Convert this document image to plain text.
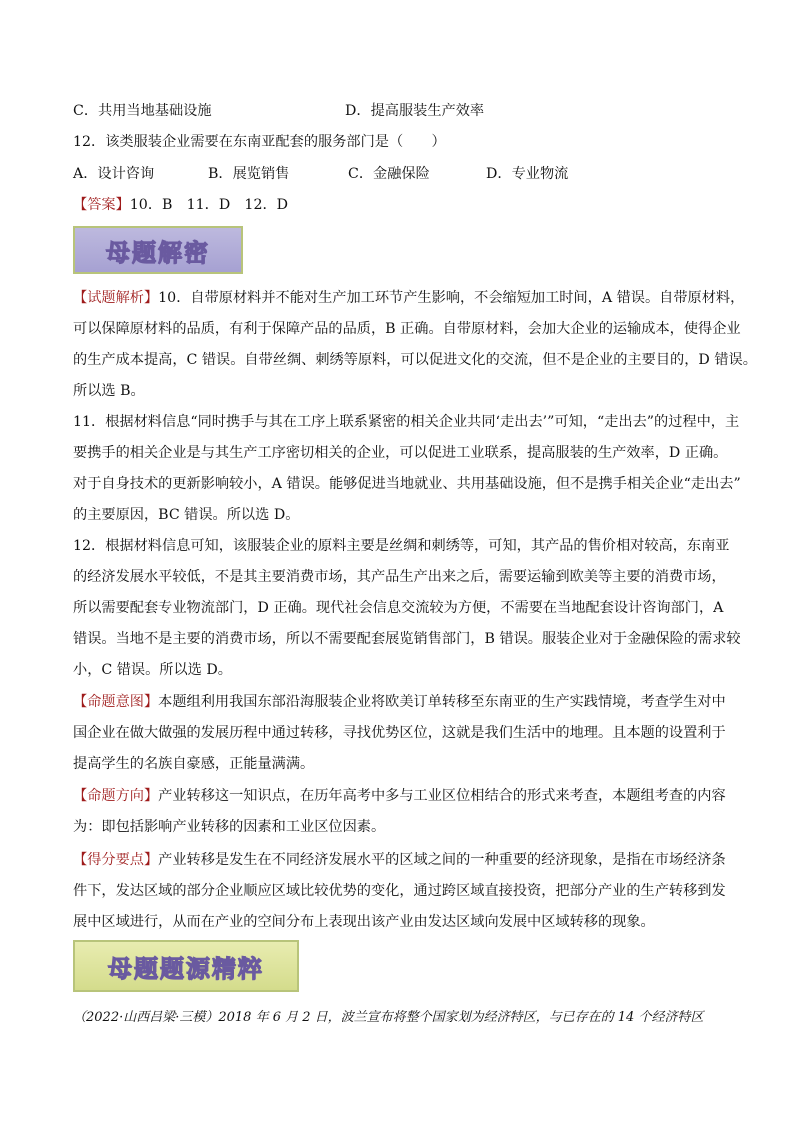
C．共用当地基础设施	D．提高服装生产效率
12．该类服装企业需要在东南亚配套的服务部门是（　　）
A．设计咨询	B．展览销售	C．金融保险	D．专业物流
【答案】10．B　11．D　12．D
母题解密
【试题解析】10．自带原材料并不能对生产加工环节产生影响，不会缩短加工时间，A 错误。自带原材料，
可以保障原材料的品质，有利于保障产品的品质，B 正确。自带原材料，会加大企业的运输成本，使得企业
的生产成本提高，C 错误。自带丝绸、刺绣等原料，可以促进文化的交流，但不是企业的主要目的，D 错误。
所以选 B。
11．根据材料信息“同时携手与其在工序上联系紧密的相关企业共同‘走出去’”可知，“走出去”的过程中，主
要携手的相关企业是与其生产工序密切相关的企业，可以促进工业联系，提高服装的生产效率，D 正确。
对于自身技术的更新影响较小，A 错误。能够促进当地就业、共用基础设施，但不是携手相关企业“走出去”
的主要原因，BC 错误。所以选 D。
12．根据材料信息可知，该服装企业的原料主要是丝绸和刺绣等，可知，其产品的售价相对较高，东南亚
的经济发展水平较低，不是其主要消费市场，其产品生产出来之后，需要运输到欧美等主要的消费市场，
所以需要配套专业物流部门，D 正确。现代社会信息交流较为方便，不需要在当地配套设计咨询部门，A
错误。当地不是主要的消费市场，所以不需要配套展览销售部门，B 错误。服装企业对于金融保险的需求较
小，C 错误。所以选 D。
【命题意图】本题组利用我国东部沿海服装企业将欧美订单转移至东南亚的生产实践情境，考查学生对中
国企业在做大做强的发展历程中通过转移，寻找优势区位，这就是我们生活中的地理。且本题的设置利于
提高学生的名族自豪感，正能量满满。
【命题方向】产业转移这一知识点，在历年高考中多与工业区位相结合的形式来考查，本题组考查的内容
为：即包括影响产业转移的因素和工业区位因素。
【得分要点】产业转移是发生在不同经济发展水平的区域之间的一种重要的经济现象，是指在市场经济条
件下，发达区域的部分企业顺应区域比较优势的变化，通过跨区域直接投资，把部分产业的生产转移到发
展中区域进行，从而在产业的空间分布上表现出该产业由发达区域向发展中区域转移的现象。
母题题源精粹
（2022·山西吕梁·三模）2018 年 6 月 2 日，波兰宣布将整个国家划为经济特区，与已存在的 14 个经济特区
